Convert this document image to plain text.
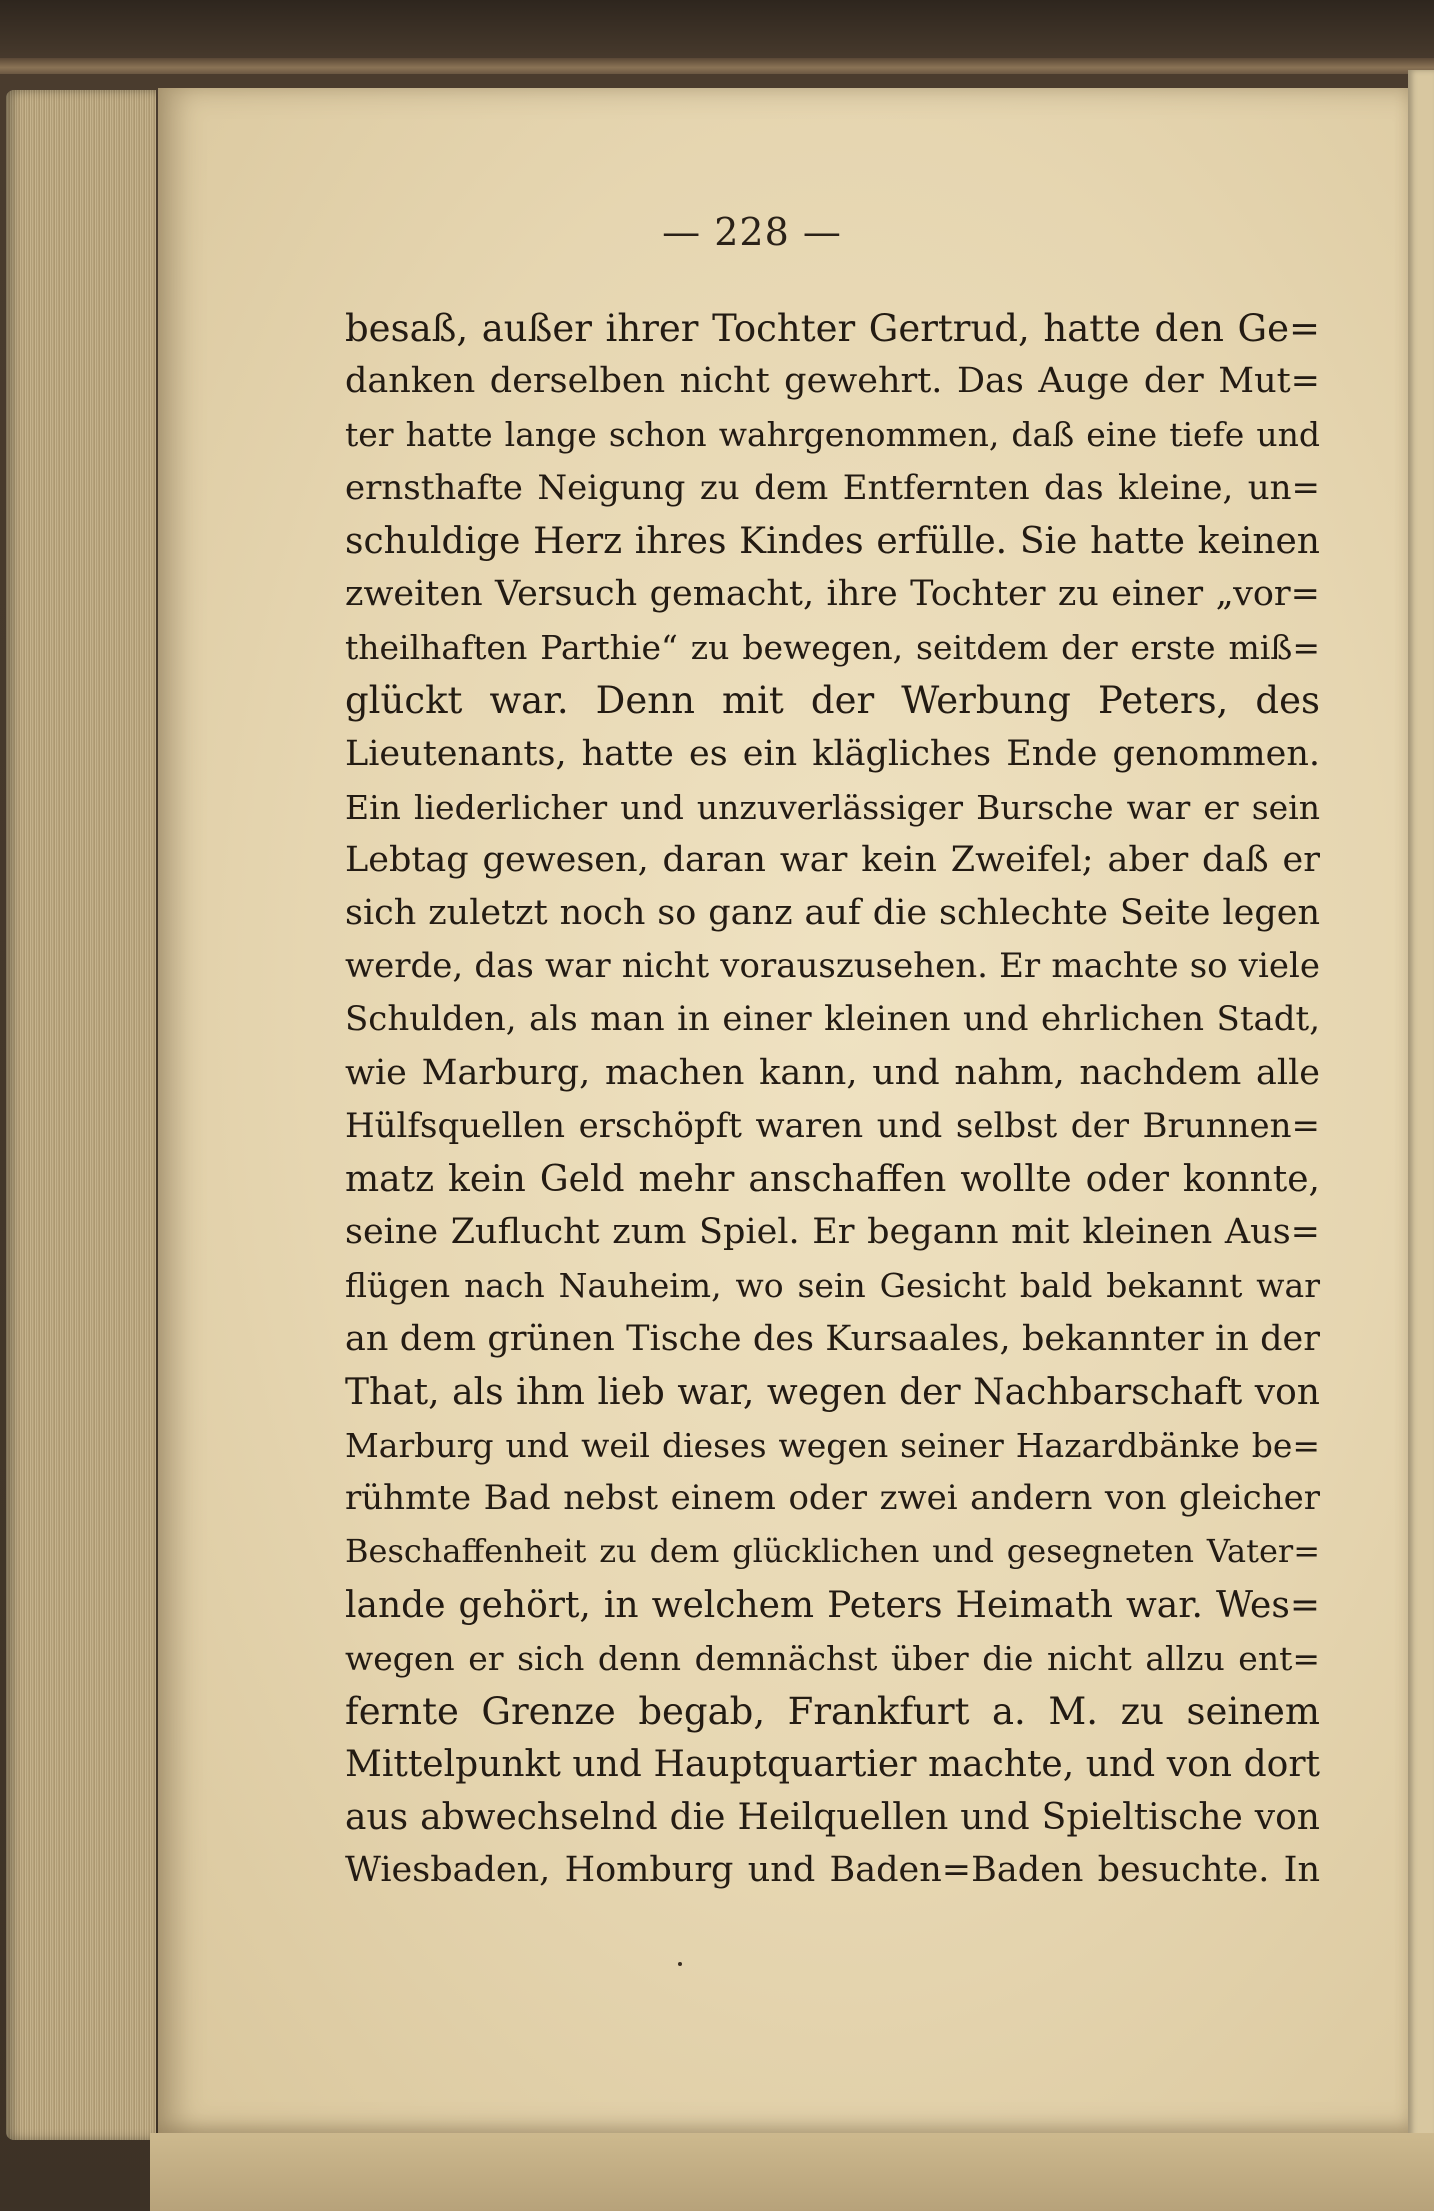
— 228 —
besaß, außer ihrer Tochter Gertrud, hatte den Ge=
danken derselben nicht gewehrt. Das Auge der Mut=
ter hatte lange schon wahrgenommen, daß eine tiefe und
ernsthafte Neigung zu dem Entfernten das kleine, un=
schuldige Herz ihres Kindes erfülle. Sie hatte keinen
zweiten Versuch gemacht, ihre Tochter zu einer „vor=
theilhaften Parthie“ zu bewegen, seitdem der erste miß=
glückt war. Denn mit der Werbung Peters, des
Lieutenants, hatte es ein klägliches Ende genommen.
Ein liederlicher und unzuverlässiger Bursche war er sein
Lebtag gewesen, daran war kein Zweifel; aber daß er
sich zuletzt noch so ganz auf die schlechte Seite legen
werde, das war nicht vorauszusehen. Er machte so viele
Schulden, als man in einer kleinen und ehrlichen Stadt,
wie Marburg, machen kann, und nahm, nachdem alle
Hülfsquellen erschöpft waren und selbst der Brunnen=
matz kein Geld mehr anschaffen wollte oder konnte,
seine Zuflucht zum Spiel. Er begann mit kleinen Aus=
flügen nach Nauheim, wo sein Gesicht bald bekannt war
an dem grünen Tische des Kursaales, bekannter in der
That, als ihm lieb war, wegen der Nachbarschaft von
Marburg und weil dieses wegen seiner Hazardbänke be=
rühmte Bad nebst einem oder zwei andern von gleicher
Beschaffenheit zu dem glücklichen und gesegneten Vater=
lande gehört, in welchem Peters Heimath war. Wes=
wegen er sich denn demnächst über die nicht allzu ent=
fernte Grenze begab, Frankfurt a. M. zu seinem
Mittelpunkt und Hauptquartier machte, und von dort
aus abwechselnd die Heilquellen und Spieltische von
Wiesbaden, Homburg und Baden=Baden besuchte. In
